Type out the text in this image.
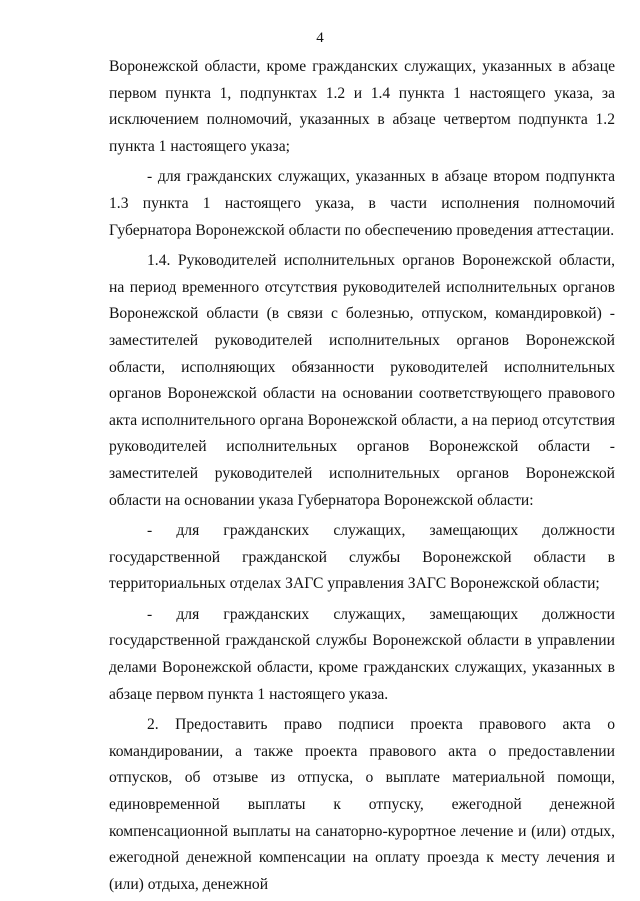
4

Воронежской области, кроме гражданских служащих, указанных в абзаце первом пункта 1, подпунктах 1.2 и 1.4 пункта 1 настоящего указа, за исключением полномочий, указанных в абзаце четвертом подпункта 1.2 пункта 1 настоящего указа;

- для гражданских служащих, указанных в абзаце втором подпункта 1.3 пункта 1 настоящего указа, в части исполнения полномочий Губернатора Воронежской области по обеспечению проведения аттестации.

1.4. Руководителей исполнительных органов Воронежской области, на период временного отсутствия руководителей исполнительных органов Воронежской области (в связи с болезнью, отпуском, командировкой) - заместителей руководителей исполнительных органов Воронежской области, исполняющих обязанности руководителей исполнительных органов Воронежской области на основании соответствующего правового акта исполнительного органа Воронежской области, а на период отсутствия руководителей исполнительных органов Воронежской области - заместителей руководителей исполнительных органов Воронежской области на основании указа Губернатора Воронежской области:

- для гражданских служащих, замещающих должности государственной гражданской службы Воронежской области в территориальных отделах ЗАГС управления ЗАГС Воронежской области;

- для гражданских служащих, замещающих должности государственной гражданской службы Воронежской области в управлении делами Воронежской области, кроме гражданских служащих, указанных в абзаце первом пункта 1 настоящего указа.

2. Предоставить право подписи проекта правового акта о командировании, а также проекта правового акта о предоставлении отпусков, об отзыве из отпуска, о выплате материальной помощи, единовременной выплаты к отпуску, ежегодной денежной компенсационной выплаты на санаторно-курортное лечение и (или) отдых, ежегодной денежной компенсации на оплату проезда к месту лечения и (или) отдыха, денежной
